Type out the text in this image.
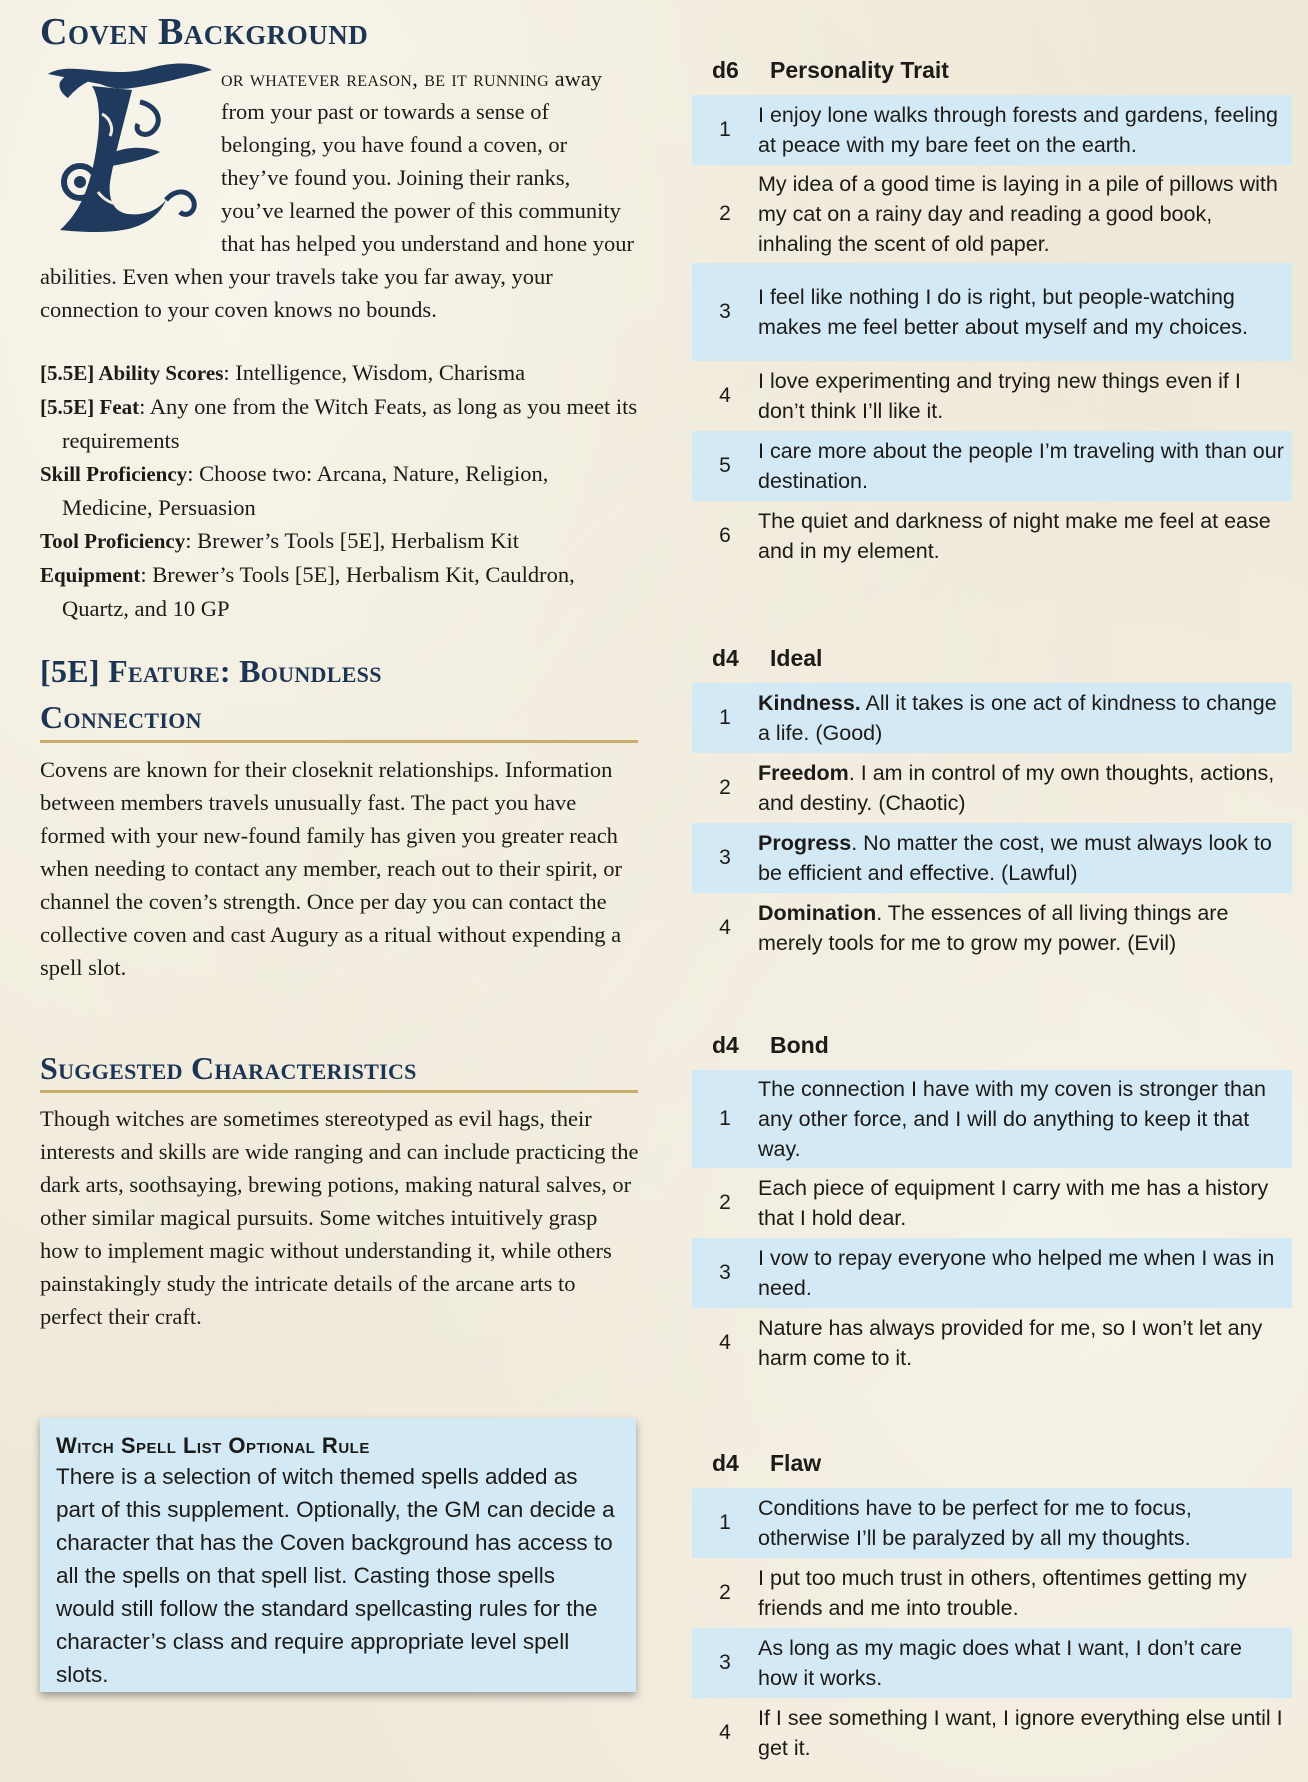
Coven Background
F

or whatever reason, be it running away from your past or towards a sense of belonging, you have found a coven, or they’ve found you. Joining their ranks, you’ve learned the power of this community that has helped you understand and hone your abilities. Even when your travels take you far away, your connection to your coven knows no bounds.

[5.5E] Ability Scores: Intelligence, Wisdom, Charisma
[5.5E] Feat: Any one from the Witch Feats, as long as you meet its requirements
Skill Proficiency: Choose two: Arcana, Nature, Religion, Medicine, Persuasion
Tool Proficiency: Brewer’s Tools [5E], Herbalism Kit
Equipment: Brewer’s Tools [5E], Herbalism Kit, Cauldron, Quartz, and 10 GP
[5E] Feature: Boundless
Connection

Covens are known for their closeknit relationships. Information between members travels unusually fast. The pact you have formed with your new-found family has given you greater reach when needing to contact any member, reach out to their spirit, or channel the coven’s strength. Once per day you can contact the collective coven and cast Augury as a ritual without expending a spell slot.

Suggested Characteristics

Though witches are sometimes stereotyped as evil hags, their interests and skills are wide ranging and can include practicing the dark arts, soothsaying, brewing potions, making natural salves, or other similar magical pursuits. Some witches intuitively grasp how to implement magic without understanding it, while others painstakingly study the intricate details of the arcane arts to perfect their craft.

Witch Spell List Optional Rule

There is a selection of witch themed spells added as part of this supplement. Optionally, the GM can decide a character that has the Coven background has access to all the spells on that spell list. Casting those spells would still follow the standard spellcasting rules for the character’s class and require appropriate level spell slots.

d6 Personality Trait
1
I enjoy lone walks through forests and gardens, feeling at peace with my bare feet on the earth.
2
My idea of a good time is laying in a pile of pillows with my cat on a rainy day and reading a good book, inhaling the scent of old paper.
3
I feel like nothing I do is right, but people-watching makes me feel better about myself and my choices.
4
I love experimenting and trying new things even if I don’t think I’ll like it.
5
I care more about the people I’m traveling with than our destination.
6
The quiet and darkness of night make me feel at ease and in my element.
d4 Ideal
1
Kindness. All it takes is one act of kindness to change a life. (Good)
2
Freedom. I am in control of my own thoughts, actions, and destiny. (Chaotic)
3
Progress. No matter the cost, we must always look to be efficient and effective. (Lawful)
4
Domination. The essences of all living things are merely tools for me to grow my power. (Evil)
d4 Bond
1
The connection I have with my coven is stronger than any other force, and I will do anything to keep it that way.
2
Each piece of equipment I carry with me has a history that I hold dear.
3
I vow to repay everyone who helped me when I was in need.
4
Nature has always provided for me, so I won’t let any harm come to it.
d4 Flaw
1
Conditions have to be perfect for me to focus, otherwise I’ll be paralyzed by all my thoughts.
2
I put too much trust in others, oftentimes getting my friends and me into trouble.
3
As long as my magic does what I want, I don’t care how it works.
4
If I see something I want, I ignore everything else until I get it.
